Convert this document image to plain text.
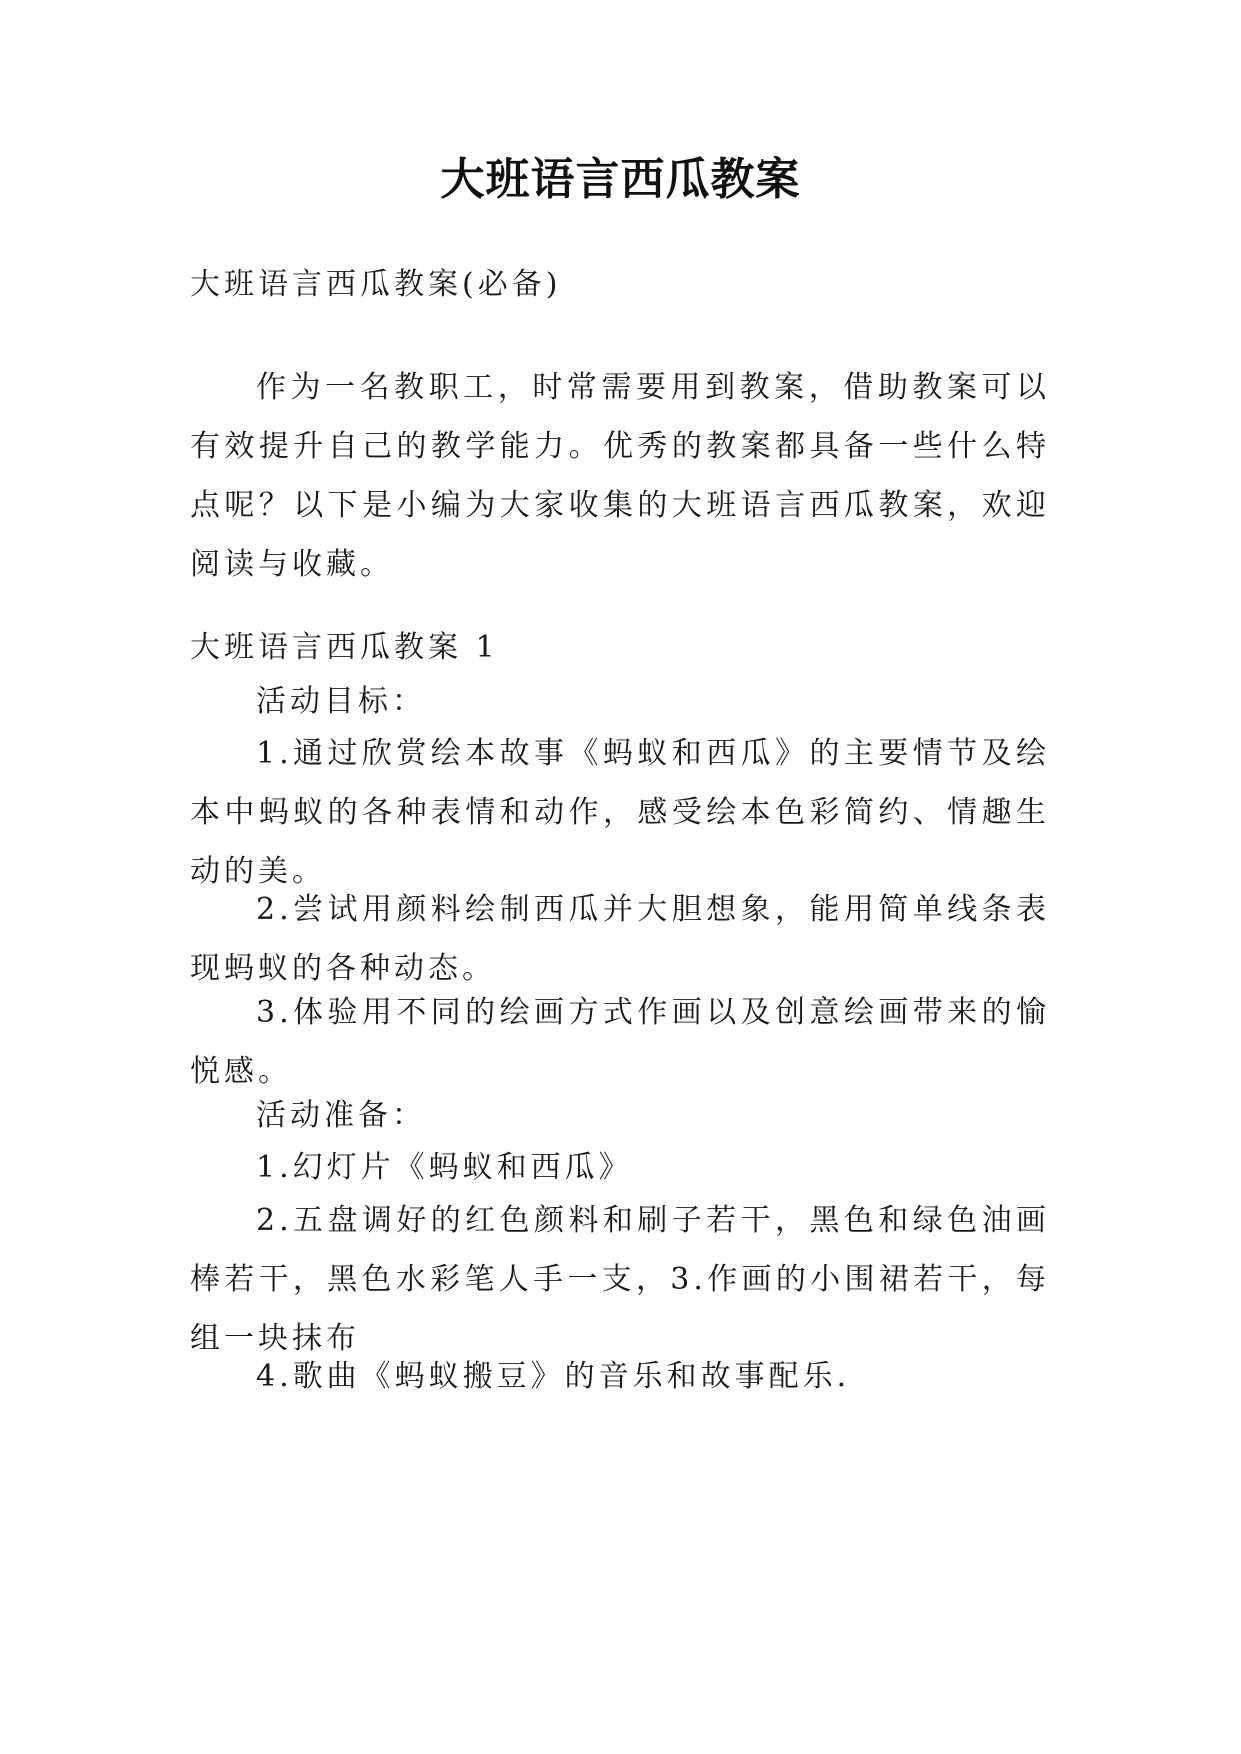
大班语言西瓜教案

大班语言西瓜教案(必备)

作为一名教职工，时常需要用到教案，借助教案可以有效提升自己的教学能力。优秀的教案都具备一些什么特点呢？以下是小编为大家收集的大班语言西瓜教案，欢迎阅读与收藏。

大班语言西瓜教案 1

活动目标：

1.通过欣赏绘本故事《蚂蚁和西瓜》的主要情节及绘本中蚂蚁的各种表情和动作，感受绘本色彩简约、情趣生动的美。

2.尝试用颜料绘制西瓜并大胆想象，能用简单线条表现蚂蚁的各种动态。

3.体验用不同的绘画方式作画以及创意绘画带来的愉悦感。

活动准备：

1.幻灯片《蚂蚁和西瓜》

2.五盘调好的红色颜料和刷子若干，黑色和绿色油画棒若干，黑色水彩笔人手一支，3.作画的小围裙若干，每组一块抹布

4.歌曲《蚂蚁搬豆》的音乐和故事配乐.
